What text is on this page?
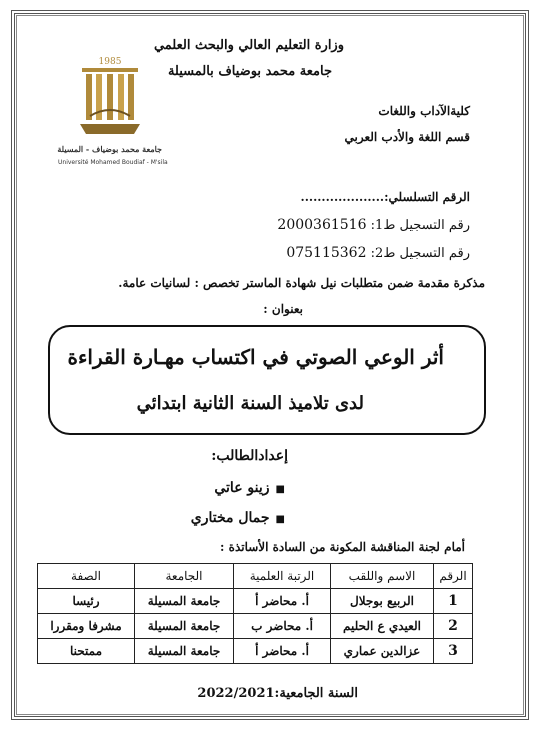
وزارة التعليم العالي والبحث العلمي
جامعة محمد بوضياف بالمسيلة
كليةالآداب واللغات
قسم اللغة والأدب العربي
1985
جامعة محمد بوضياف - المسيلة
Université Mohamed Boudiaf - M'sila
الرقم التسلسلي:....................
رقم التسجيل ط1: 2000361516
رقم التسجيل ط2: 075115362
مذكرة مقدمة ضمن متطلبات نيل شهادة الماستر تخصص : لسانيات عامة.
بعنوان :
أثر الوعي الصوتي في اكتساب مهـارة القراءة
لدى تلاميذ السنة الثانية ابتدائي
إعدادالطالب:
■زينو عاتي
■جمال مختاري
أمام لجنة المناقشة المكونة من السادة الأساتذة :
الرقم	الاسم واللقب	الرتبة العلمية	الجامعة	الصفة
1	الربيع بوجلال	أ. محاضر أ	جامعة المسيلة	رئيسا
2	العيدي ع الحليم	أ. محاضر ب	جامعة المسيلة	مشرفا ومقررا
3	عزالدين عماري	أ. محاضر أ	جامعة المسيلة	ممتحنا
السنة الجامعية:2022/2021
